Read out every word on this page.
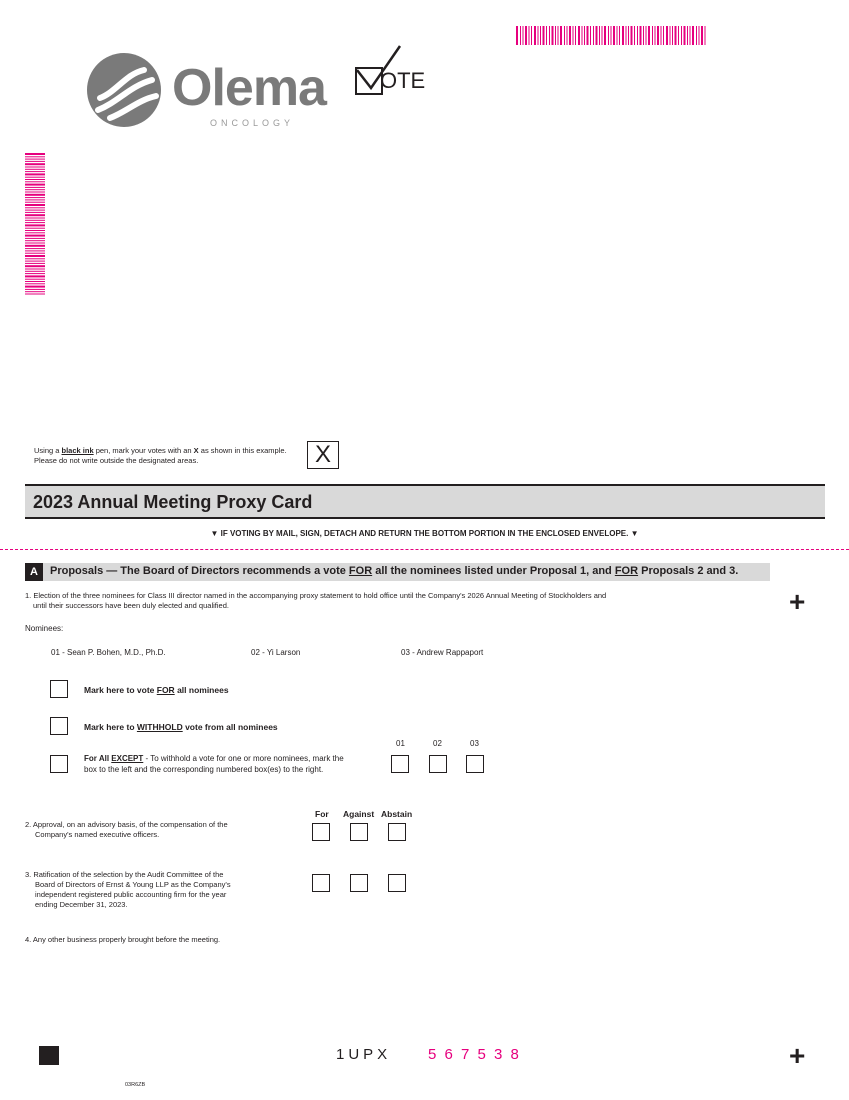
Olema
ONCOLOGY
OTE
Using a black ink pen, mark your votes with an X as shown in this example.
Please do not write outside the designated areas.	X
2023 Annual Meeting Proxy Card
▼ IF VOTING BY MAIL, SIGN, DETACH AND RETURN THE BOTTOM PORTION IN THE ENCLOSED ENVELOPE. ▼
A	Proposals — The Board of Directors recommends a vote FOR all the nominees listed under Proposal 1, and FOR Proposals 2 and 3.
+
+
1. Election of the three nominees for Class III director named in the accompanying proxy statement to hold office until the Company's 2026 Annual Meeting of Stockholders and
until their successors have been duly elected and qualified.
Nominees:
01 - Sean P. Bohen, M.D., Ph.D.	02 - Yi Larson	03 - Andrew Rappaport
Mark here to vote FOR all nominees
Mark here to WITHHOLD vote from all nominees
For All EXCEPT - To withhold a vote for one or more nominees, mark the
box to the left and the corresponding numbered box(es) to the right.
01	02	03
For Against Abstain
2. Approval, on an advisory basis, of the compensation of the
Company's named executive officers.
3. Ratification of the selection by the Audit Committee of the
Board of Directors of Ernst & Young LLP as the Company's
independent registered public accounting firm for the year
ending December 31, 2023.
4. Any other business properly brought before the meeting.
1UPX 5 6 7 5 3 8
03R6ZB
